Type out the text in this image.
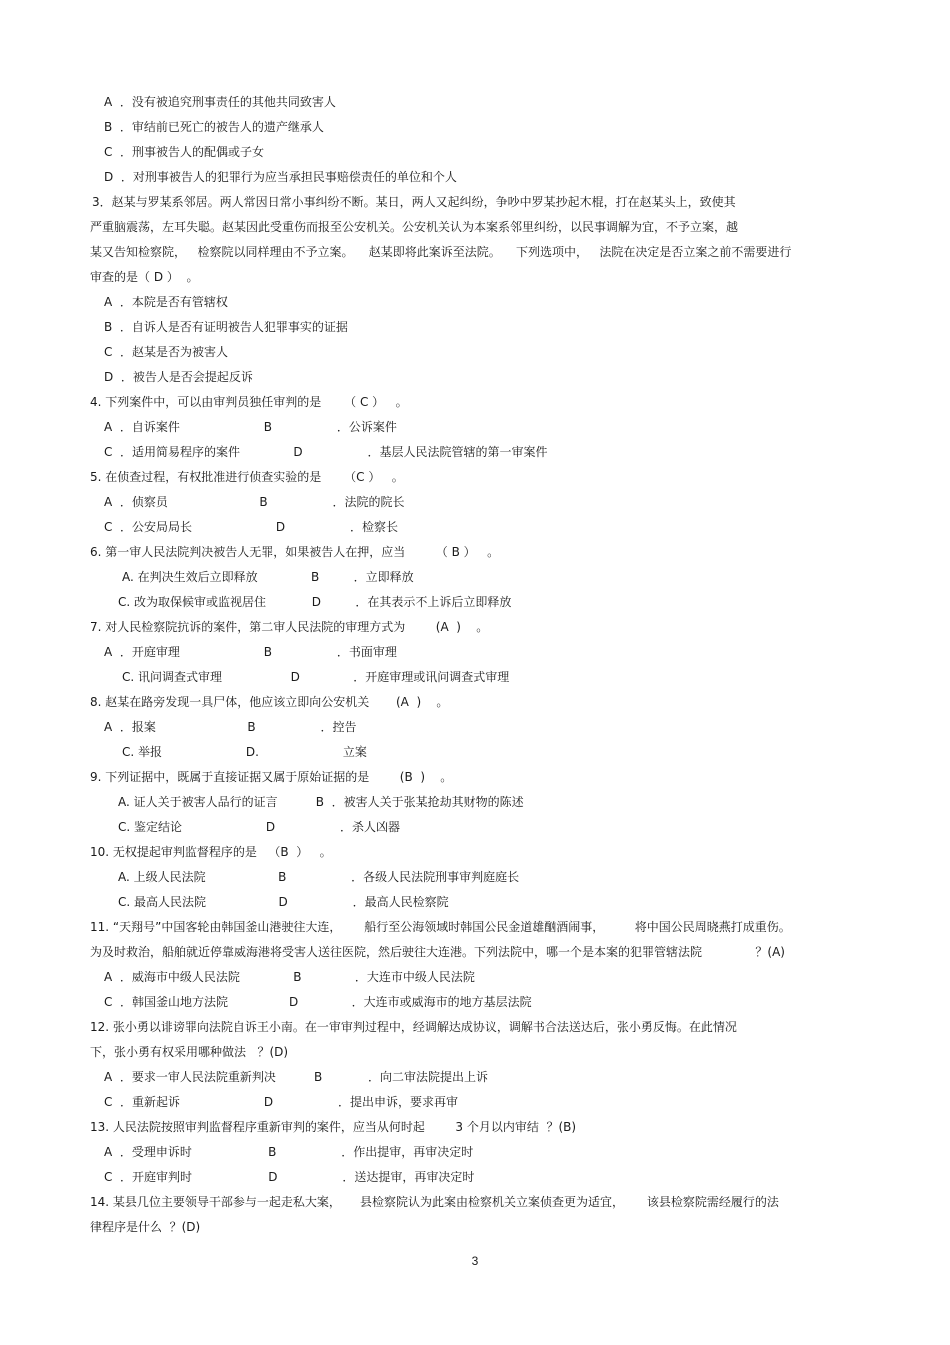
A  ．没有被追究刑事责任的其他共同致害人
B  ．审结前已死亡的被告人的遗产继承人
C  ．刑事被告人的配偶或子女
D  ．对刑事被告人的犯罪行为应当承担民事赔偿责任的单位和个人
3．赵某与罗某系邻居。两人常因日常小事纠纷不断。某日，两人又起纠纷，争吵中罗某抄起木棍，打在赵某头上，致使其
严重脑震荡，左耳失聪。赵某因此受重伤而报至公安机关。公安机关认为本案系邻里纠纷，以民事调解为宜，不予立案，越
某又告知检察院，   检察院以同样理由不予立案。    赵某即将此案诉至法院。    下列选项中，   法院在决定是否立案之前不需要进行
审查的是（ D ）  。
A  ．本院是否有管辖权
B  ．自诉人是否有证明被告人犯罪事实的证据
C  ．赵某是否为被害人
D  ．被告人是否会提起反诉
4. 下列案件中，可以由审判员独任审判的是      （ C ）   。
A  ．自诉案件                      B                 ．公诉案件
C  ．适用简易程序的案件              D                 ．基层人民法院管辖的第一审案件
5. 在侦查过程，有权批准进行侦查实验的是      （C ）   。
A  ．侦察员                        B                 ．法院的院长
C  ．公安局局长                      D                 ．检察长
6. 第一审人民法院判决被告人无罪，如果被告人在押，应当        （ B ）   。
A. 在判决生效后立即释放              B         ．立即释放
C. 改为取保候审或监视居住            D         ．在其表示不上诉后立即释放
7. 对人民检察院抗诉的案件，第二审人民法院的审理方式为        (A  )    。
A  ．开庭审理                      B                 ．书面审理
C. 讯问调查式审理                  D              ．开庭审理或讯问调查式审理
8. 赵某在路旁发现一具尸体，他应该立即向公安机关       (A  )    。
A  ．报案                        B                 ．控告
C. 举报                      D.                      立案
9. 下列证据中，既属于直接证据又属于原始证据的是        (B  )    。
A. 证人关于被害人品行的证言          B  ．被害人关于张某抢劫其财物的陈述
C. 鉴定结论                      D                 ．杀人凶器
10. 无权提起审判监督程序的是   （B  ）   。
A. 上级人民法院                   B                 ．各级人民法院刑事审判庭庭长
C. 最高人民法院                   D                 ．最高人民检察院
11. “天翔号”中国客轮由韩国釜山港驶往大连，      船行至公海领域时韩国公民金道雄酗酒闹事，        将中国公民周晓燕打成重伤。
为及时救治，船舶就近停靠威海港将受害人送往医院，然后驶往大连港。下列法院中，哪一个是本案的犯罪管辖法院              ？(A)
A  ．威海市中级人民法院              B              ．大连市中级人民法院
C  ．韩国釜山地方法院                D              ．大连市或威海市的地方基层法院
12. 张小勇以诽谤罪向法院自诉王小南。在一审审判过程中，经调解达成协议，调解书合法送达后，张小勇反悔。在此情况
下，张小勇有权采用哪种做法   ？(D)
A  ．要求一审人民法院重新判决          B            ．向二审法院提出上诉
C  ．重新起诉                      D                 ．提出申诉，要求再审
13. 人民法院按照审判监督程序重新审判的案件，应当从何时起        3 个月以内审结  ？(B)
A  ．受理申诉时                    B                 ．作出提审，再审决定时
C  ．开庭审判时                    D                 ．送达提审，再审决定时
14. 某县几位主要领导干部参与一起走私大案，     县检察院认为此案由检察机关立案侦查更为适宜，      该县检察院需经履行的法
律程序是什么  ？(D)
3
